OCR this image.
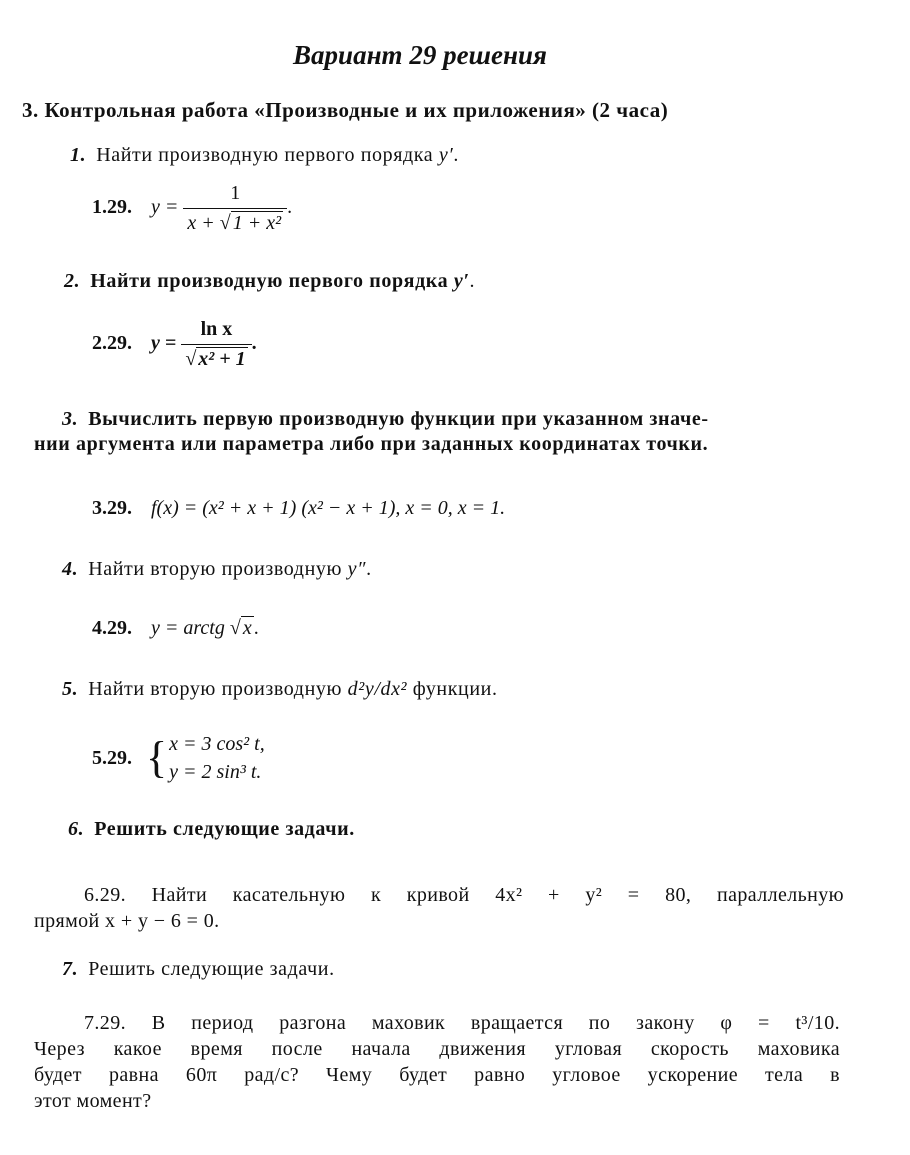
Вариант 29 решения
3. Контрольная работа «Производные и их приложения» (2 часа)
1. Найти производную первого порядка y′.
1.29. $y = \frac{1}{\text{x + √ 1 + x²}}$ .
2. Найти производную первого порядка y′.
2.29. $y = \frac{\text{ln x}}{\text{√ x² + 1}}$ .
3. Вычислить первую производную функции при указанном значе-
нии аргумента или параметра либо при заданных координатах точки.
3.29. f(x) = (x² + x + 1) (x² − x + 1), x = 0, x = 1.
4. Найти вторую производную y″.
4.29. y = arctg √ x .
5. Найти вторую производную d²y/dx² функции.
5.29. { x = 3 cos² t,
y = 2 sin³ t.
6. Решить следующие задачи.
6.29. Найти касательную к кривой 4x² + y² = 80, параллельную
прямой x + y − 6 = 0.
7. Решить следующие задачи.
7.29. В период разгона маховик вращается по закону φ = t³/10.
Через какое время после начала движения угловая скорость маховика
будет равна 60π рад/с? Чему будет равно угловое ускорение тела в
этот момент?
